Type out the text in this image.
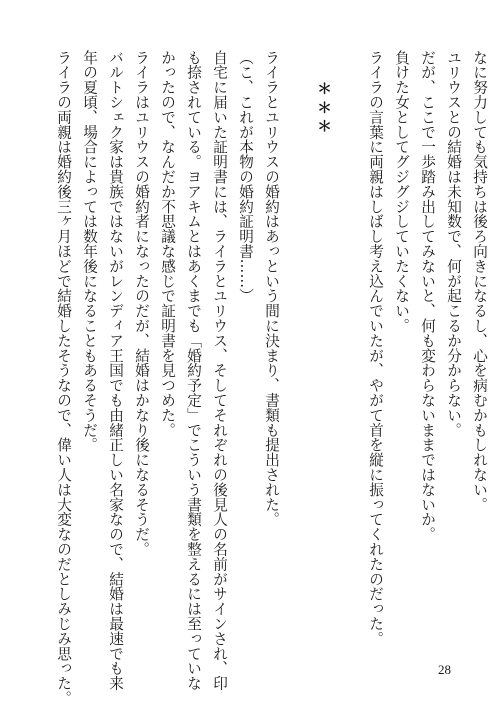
なに努力しても気持ちは後ろ向きになるし、心を病むかもしれない。
ユリウスとの結婚は未知数で、何が起こるか分からない。
だが、ここで一歩踏み出してみないと、何も変わらないままではないか。
負けた女としてグジグジしていたくない。
ライラの言葉に両親はしばし考え込んでいたが、やがて首を縦に振ってくれたのだった。
＊＊＊
ライラとユリウスの婚約はあっという間に決まり、書類も提出された。
（こ、これが本物の婚約証明書……）
自宅に届いた証明書には、ライラとユリウス、そしてそれぞれの後見人の名前がサインされ、印
も捺されている。ヨアキムとはあくまでも「婚約予定」でこういう書類を整えるには至っていな
かったので、なんだか不思議な感じで証明書を見つめた。
ライラはユリウスの婚約者になったのだが、結婚はかなり後になるそうだ。
バルトシェク家は貴族ではないがレンディア王国でも由緒正しい名家なので、結婚は最速でも来
年の夏頃、場合によっては数年後になることもあるそうだ。
ライラの両親は婚約後三ヶ月ほどで結婚したそうなので、偉い人は大変なのだとしみじみ思った。	28
